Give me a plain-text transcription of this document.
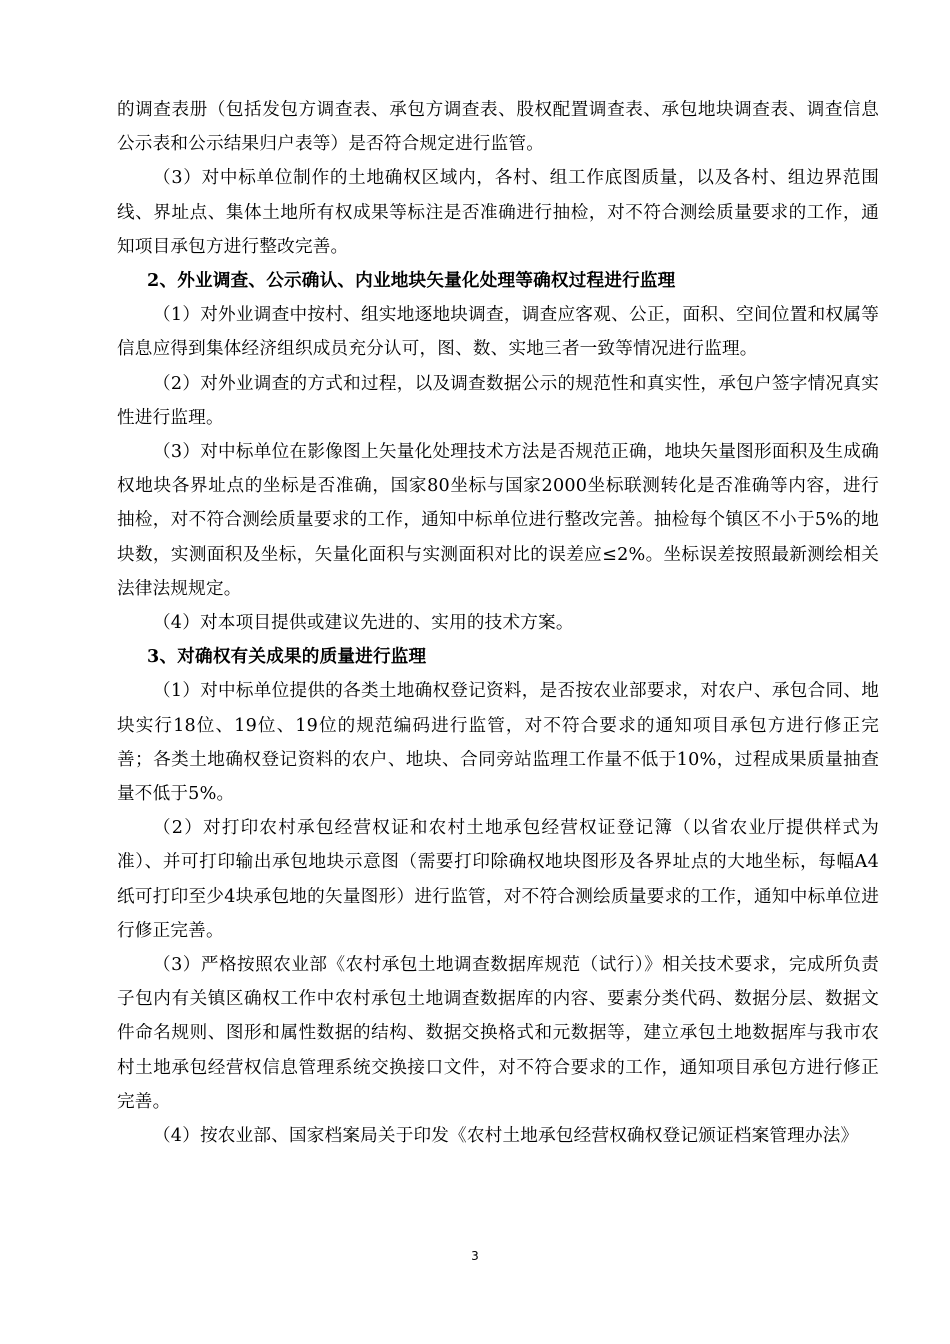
的调查表册（包括发包方调查表、承包方调查表、股权配置调查表、承包地块调查表、调查信息公示表和公示结果归户表等）是否符合规定进行监管。

（3）对中标单位制作的土地确权区域内，各村、组工作底图质量，以及各村、组边界范围线、界址点、集体土地所有权成果等标注是否准确进行抽检，对不符合测绘质量要求的工作，通知项目承包方进行整改完善。

2、外业调查、公示确认、内业地块矢量化处理等确权过程进行监理

（1）对外业调查中按村、组实地逐地块调查，调查应客观、公正，面积、空间位置和权属等信息应得到集体经济组织成员充分认可，图、数、实地三者一致等情况进行监理。

（2）对外业调查的方式和过程，以及调查数据公示的规范性和真实性，承包户签字情况真实性进行监理。

（3）对中标单位在影像图上矢量化处理技术方法是否规范正确，地块矢量图形面积及生成确权地块各界址点的坐标是否准确，国家80坐标与国家2000坐标联测转化是否准确等内容，进行抽检，对不符合测绘质量要求的工作，通知中标单位进行整改完善。抽检每个镇区不小于5%的地块数，实测面积及坐标，矢量化面积与实测面积对比的误差应≤2%。坐标误差按照最新测绘相关法律法规规定。

（4）对本项目提供或建议先进的、实用的技术方案。

3、对确权有关成果的质量进行监理

（1）对中标单位提供的各类土地确权登记资料，是否按农业部要求，对农户、承包合同、地块实行18位、19位、19位的规范编码进行监管，对不符合要求的通知项目承包方进行修正完善；各类土地确权登记资料的农户、地块、合同旁站监理工作量不低于10%，过程成果质量抽查量不低于5%。

（2）对打印农村承包经营权证和农村土地承包经营权证登记簿（以省农业厅提供样式为准）、并可打印输出承包地块示意图（需要打印除确权地块图形及各界址点的大地坐标，每幅A4纸可打印至少4块承包地的矢量图形）进行监管，对不符合测绘质量要求的工作，通知中标单位进行修正完善。

（3）严格按照农业部《农村承包土地调查数据库规范（试行）》相关技术要求，完成所负责子包内有关镇区确权工作中农村承包土地调查数据库的内容、要素分类代码、数据分层、数据文件命名规则、图形和属性数据的结构、数据交换格式和元数据等，建立承包土地数据库与我市农村土地承包经营权信息管理系统交换接口文件，对不符合要求的工作，通知项目承包方进行修正完善。

（4）按农业部、国家档案局关于印发《农村土地承包经营权确权登记颁证档案管理办法》

3
